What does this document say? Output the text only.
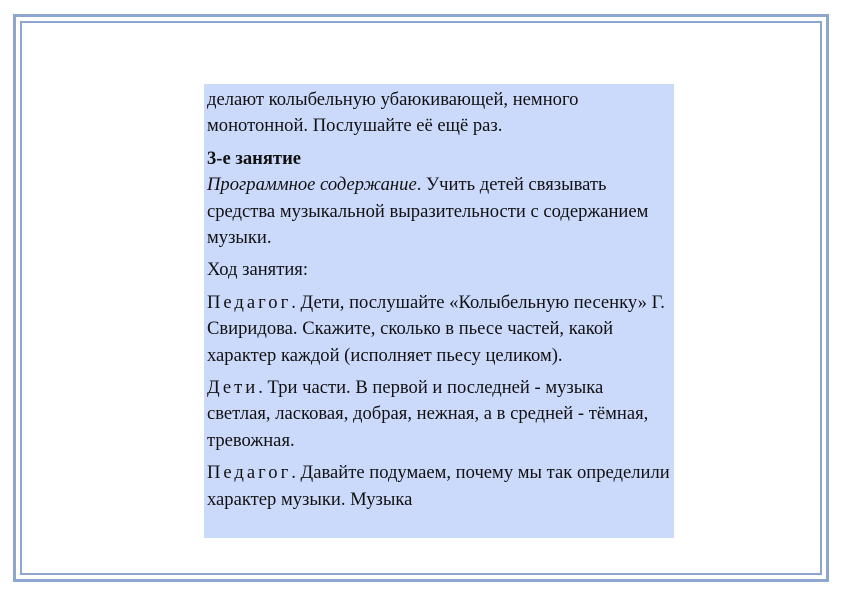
делают колыбельную убаюкивающей, немного монотонной. Послушайте её ещё раз.

3-е занятие

Программное содержание. Учить детей связывать средства музыкальной выразительности с содержанием музыки.

Ход занятия:

Педагог. Дети, послушайте «Колыбельную песенку» Г. Свиридова. Скажите, сколько в пьесе частей, какой характер каждой (исполняет пьесу целиком).

Дети. Три части. В первой и последней - музыка светлая, ласковая, добрая, нежная, а в средней - тёмная, тревожная.

Педагог. Давайте подумаем, почему мы так определили характер музыки. Музыка
